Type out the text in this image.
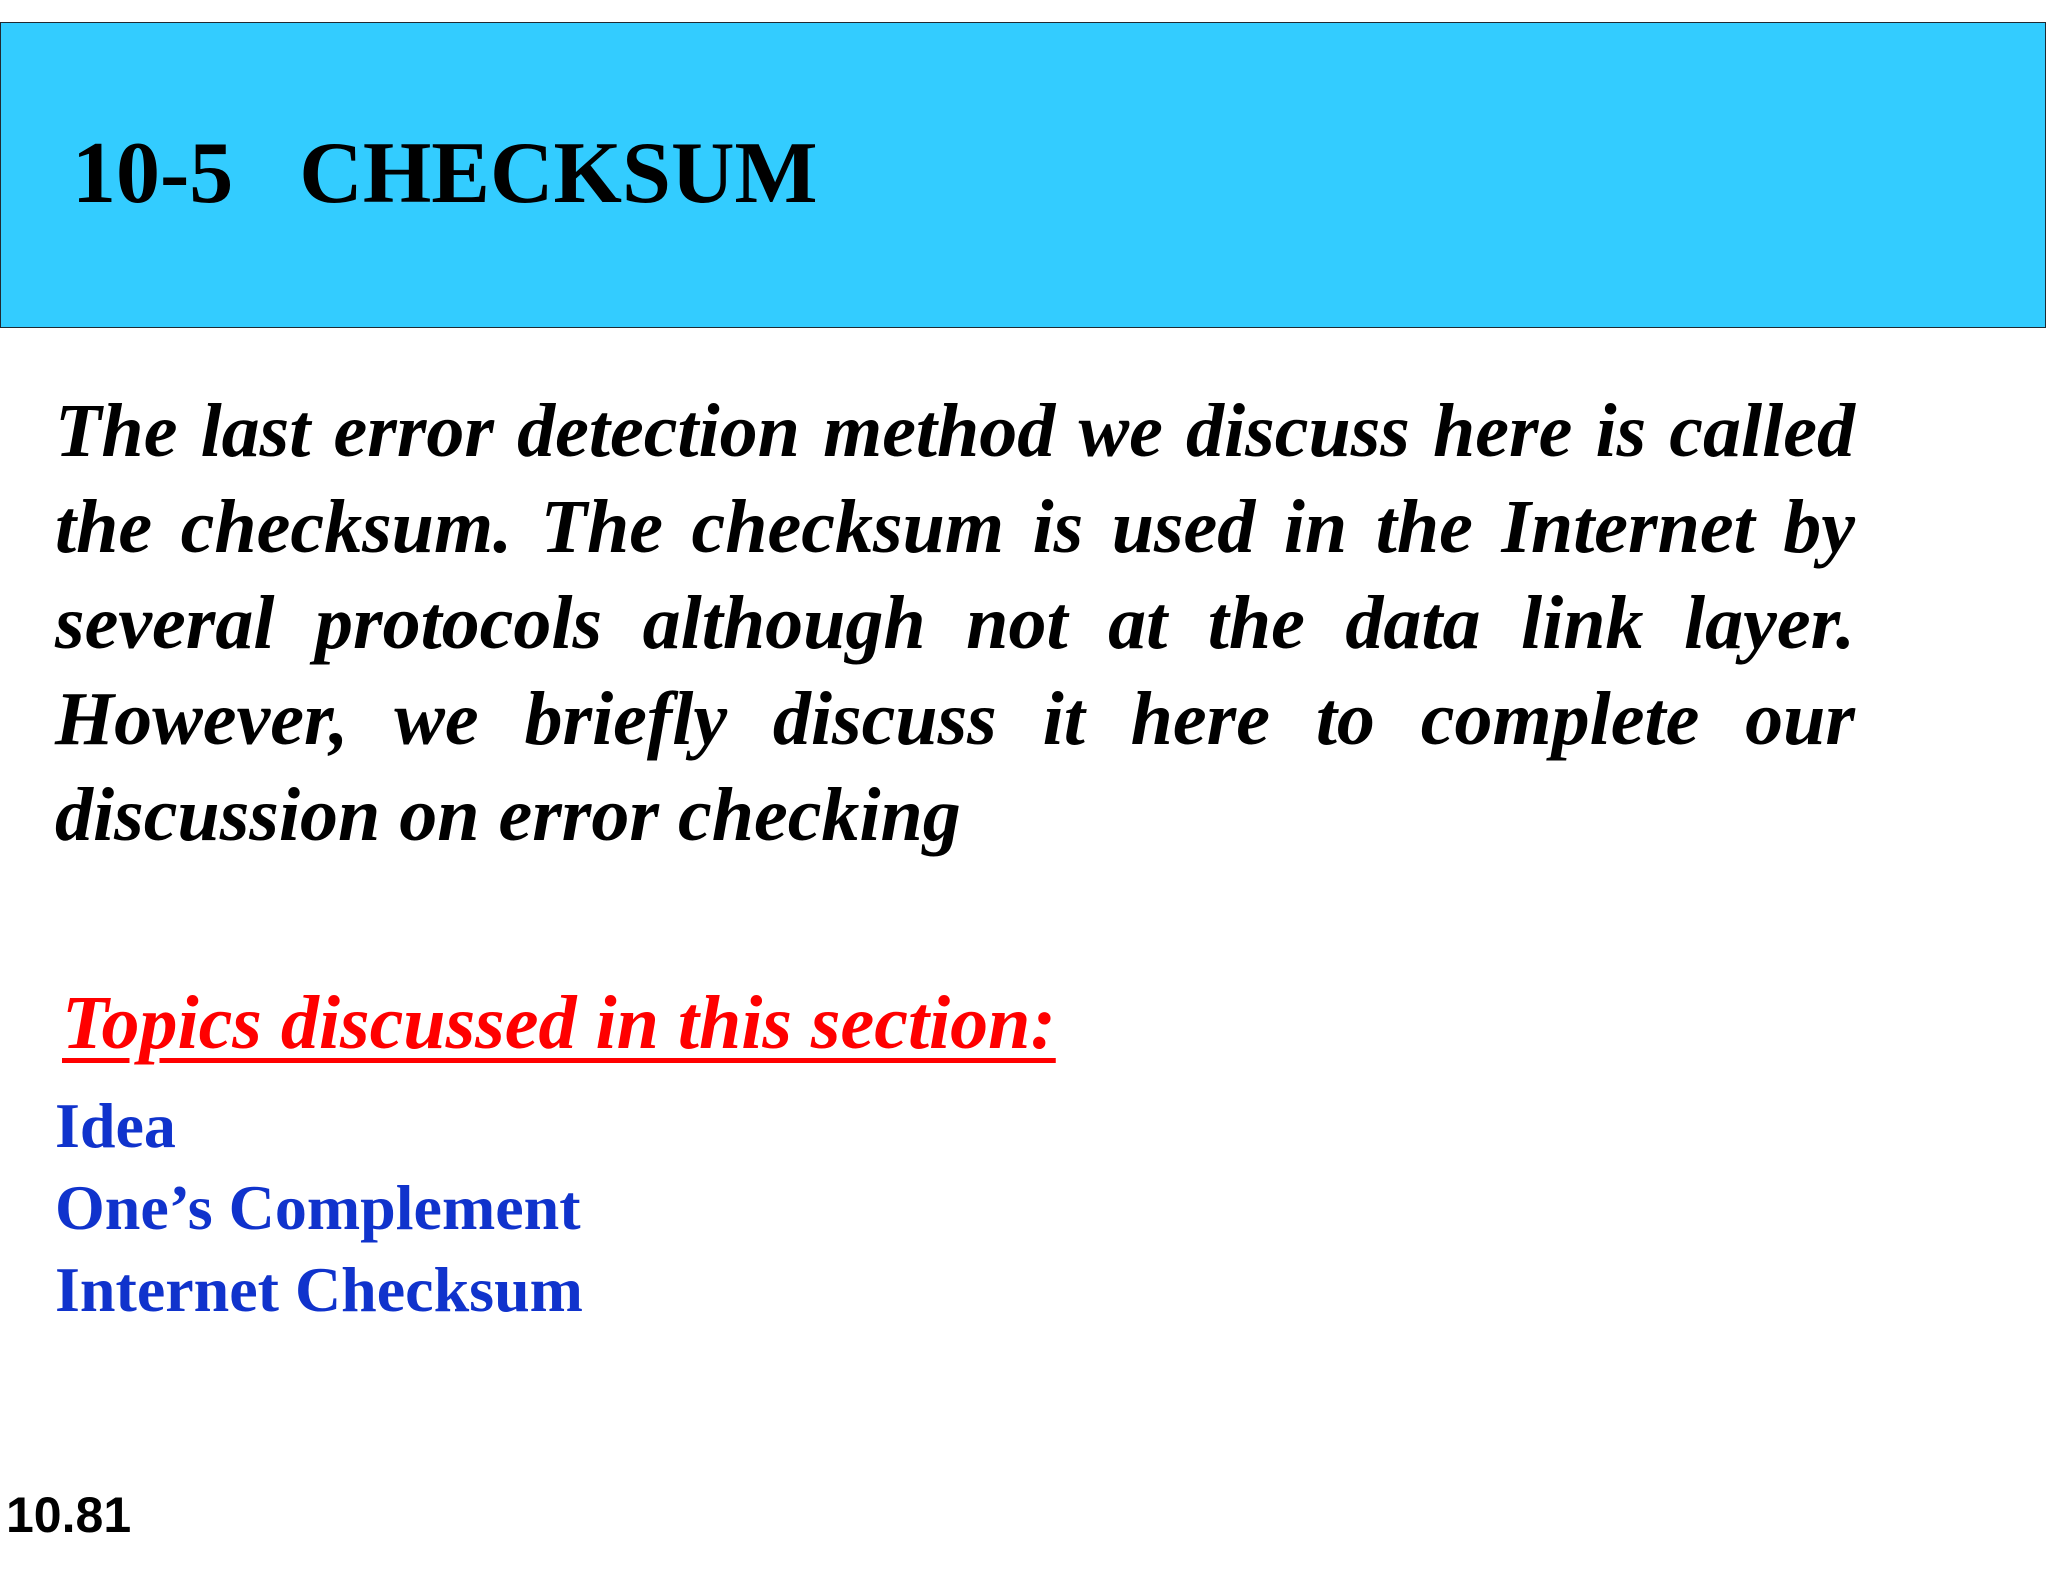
10-5   CHECKSUM
The last error detection method we discuss here is called the checksum. The checksum is used in the Internet by several protocols although not at the data link layer. However, we briefly discuss it here to complete our discussion on error checking
Topics discussed in this section:
Idea
One’s Complement
Internet Checksum
10.81
